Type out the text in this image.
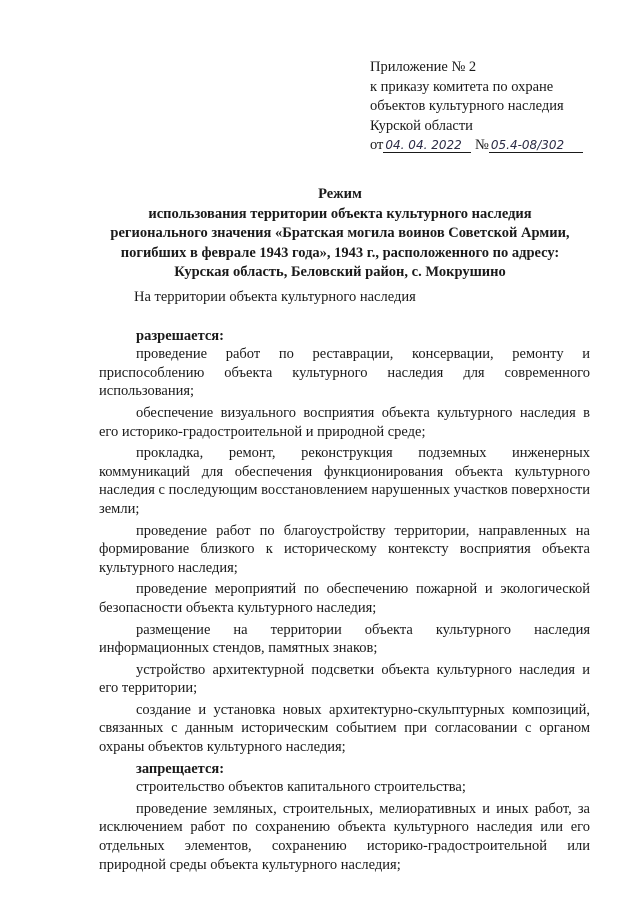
Приложение № 2
к приказу комитета по охране
объектов культурного наследия
Курской области
от 04. 04. 2022 № 05.4-08/302
Режим
использования территории объекта культурного наследия
регионального значения «Братская могила воинов Советской Армии,
погибших в феврале 1943 года», 1943 г., расположенного по адресу:
Курская область, Беловский район, с. Мокрушино

На территории объекта культурного наследия

разрешается:

проведение работ по реставрации, консервации, ремонту и приспособлению объекта культурного наследия для современного использования;

обеспечение визуального восприятия объекта культурного наследия в его историко-градостроительной и природной среде;

прокладка, ремонт, реконструкция подземных инженерных коммуникаций для обеспечения функционирования объекта культурного наследия с последующим восстановлением нарушенных участков поверхности земли;

проведение работ по благоустройству территории, направленных на формирование близкого к историческому контексту восприятия объекта культурного наследия;

проведение мероприятий по обеспечению пожарной и экологической безопасности объекта культурного наследия;

размещение на территории объекта культурного наследия информационных стендов, памятных знаков;

устройство архитектурной подсветки объекта культурного наследия и его территории;

создание и установка новых архитектурно-скульптурных композиций, связанных с данным историческим событием при согласовании с органом охраны объектов культурного наследия;

запрещается:

строительство объектов капитального строительства;

проведение земляных, строительных, мелиоративных и иных работ, за исключением работ по сохранению объекта культурного наследия или его отдельных элементов, сохранению историко-градостроительной или природной среды объекта культурного наследия;
